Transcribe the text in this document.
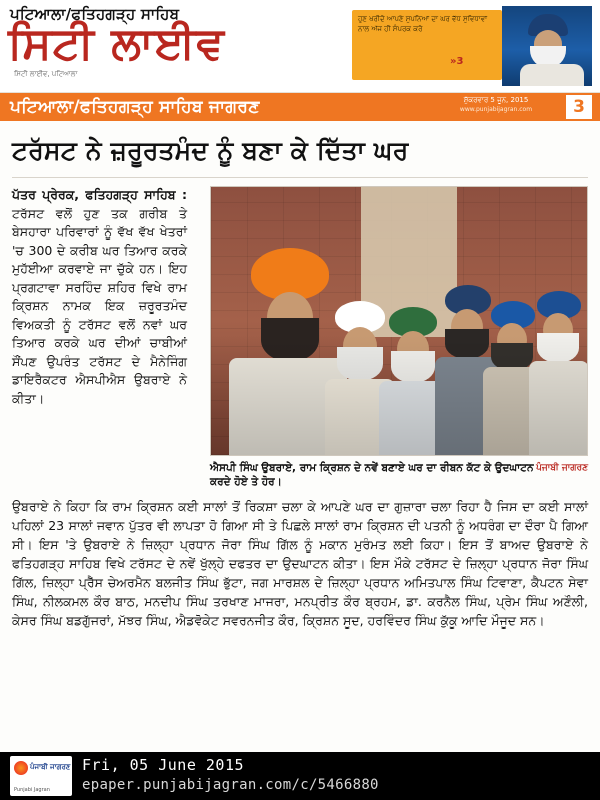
ਪਟਿਆਲਾ/ਫਤਿਹਗੜ੍ਹ ਸਾਹਿਬ
ਸਿਟੀ ਲਾਈਵ
ਸਿਟੀ ਲਾਈਵ, ਪਟਿਆਲਾ
ਹੁਣ ਖਰੀਦੋ ਆਪਣੇ ਸੁਪਨਿਆਂ ਦਾ ਘਰ ਵੱਧ ਸੁਵਿਧਾਵਾਂ ਨਾਲ ਅੱਜ ਹੀ ਸੰਪਰਕ ਕਰੋ
»3
ਪਟਿਆਲਾ/ਫਤਿਹਗੜ੍ਹ ਸਾਹਿਬ ਜਾਗਰਣ	ਸ਼ੁੱਕਰਵਾਰ 5 ਜੂਨ, 2015
www.punjabijagran.com	3
ਟਰੱਸਟ ਨੇ ਜ਼ਰੂਰਤਮੰਦ ਨੂੰ ਬਣਾ ਕੇ ਦਿੱਤਾ ਘਰ
ਪੰਜਾਬੀ ਜਾਗਰਣ
ਐਸਪੀ ਸਿੰਘ ਉਬਰਾਏ, ਰਾਮ ਕ੍ਰਿਸ਼ਨ ਦੇ ਨਵੇਂ ਬਣਾਏ ਘਰ ਦਾ ਰੀਬਨ ਕੱਟ ਕੇ ਉਦਘਾਟਨ ਕਰਦੇ ਹੋਏ ਤੇ ਹੋਰ।
ਪੱਤਰ ਪ੍ਰੇਰਕ, ਫਤਿਹਗੜ੍ਹ ਸਾਹਿਬ : ਟਰੱਸਟ ਵਲੋਂ ਹੁਣ ਤਕ ਗਰੀਬ ਤੇ ਬੇਸਹਾਰਾ ਪਰਿਵਾਰਾਂ ਨੂੰ ਵੱਖ ਵੱਖ ਖੇਤਰਾਂ 'ਚ 300 ਦੇ ਕਰੀਬ ਘਰ ਤਿਆਰ ਕਰਕੇ ਮੁਹੱਈਆ ਕਰਵਾਏ ਜਾ ਚੁੱਕੇ ਹਨ। ਇਹ ਪ੍ਰਗਟਾਵਾ ਸਰਹਿੰਦ ਸ਼ਹਿਰ ਵਿਖੇ ਰਾਮ ਕ੍ਰਿਸ਼ਨ ਨਾਮਕ ਇਕ ਜ਼ਰੂਰਤਮੰਦ ਵਿਅਕਤੀ ਨੂੰ ਟਰੱਸਟ ਵਲੋਂ ਨਵਾਂ ਘਰ ਤਿਆਰ ਕਰਕੇ ਘਰ ਦੀਆਂ ਚਾਬੀਆਂ ਸੌਂਪਣ ਉਪਰੰਤ ਟਰੱਸਟ ਦੇ ਮੈਨੇਜਿੰਗ ਡਾਇਰੈਕਟਰ ਐਸਪੀਐਸ ਉਬਰਾਏ ਨੇ ਕੀਤਾ।
ਉਬਰਾਏ ਨੇ ਕਿਹਾ ਕਿ ਰਾਮ ਕ੍ਰਿਸ਼ਨ ਕਈ ਸਾਲਾਂ ਤੋਂ ਰਿਕਸ਼ਾ ਚਲਾ ਕੇ ਆਪਣੇ ਘਰ ਦਾ ਗੁਜ਼ਾਰਾ ਚਲਾ ਰਿਹਾ ਹੈ ਜਿਸ ਦਾ ਕਈ ਸਾਲਾਂ ਪਹਿਲਾਂ 23 ਸਾਲਾਂ ਜਵਾਨ ਪੁੱਤਰ ਵੀ ਲਾਪਤਾ ਹੋ ਗਿਆ ਸੀ ਤੇ ਪਿਛਲੇ ਸਾਲਾਂ ਰਾਮ ਕ੍ਰਿਸ਼ਨ ਦੀ ਪਤਨੀ ਨੂੰ ਅਧਰੰਗ ਦਾ ਦੌਰਾ ਪੈ ਗਿਆ ਸੀ। ਇਸ 'ਤੇ ਉਬਰਾਏ ਨੇ ਜ਼ਿਲ੍ਹਾ ਪ੍ਰਧਾਨ ਜੋਰਾ ਸਿੰਘ ਗਿੱਲ ਨੂੰ ਮਕਾਨ ਮੁਰੰਮਤ ਲਈ ਕਿਹਾ। ਇਸ ਤੋਂ ਬਾਅਦ ਉਬਰਾਏ ਨੇ ਫਤਿਹਗੜ੍ਹ ਸਾਹਿਬ ਵਿਖੇ ਟਰੱਸਟ ਦੇ ਨਵੇਂ ਖੁੱਲ੍ਹੇ ਦਫਤਰ ਦਾ ਉਦਘਾਟਨ ਕੀਤਾ। ਇਸ ਮੌਕੇ ਟਰੱਸਟ ਦੇ ਜ਼ਿਲ੍ਹਾ ਪ੍ਰਧਾਨ ਜੋਰਾ ਸਿੰਘ ਗਿੱਲ, ਜ਼ਿਲ੍ਹਾ ਪ੍ਰੈੱਸ ਚੇਅਰਮੈਨ ਬਲਜੀਤ ਸਿੰਘ ਭੁੱਟਾ, ਜਗ ਮਾਰਸ਼ਲ ਦੇ ਜ਼ਿਲ੍ਹਾ ਪ੍ਰਧਾਨ ਅਮਿਤਪਾਲ ਸਿੰਘ ਟਿਵਾਣਾ, ਕੈਪਟਨ ਸੇਵਾ ਸਿੰਘ, ਨੀਲਕਮਲ ਕੌਰ ਬਾਠ, ਮਨਦੀਪ ਸਿੰਘ ਤਰਖਾਣ ਮਾਜਰਾ, ਮਨਪ੍ਰੀਤ ਕੌਰ ਬ੍ਰਹਮ, ਡਾ. ਕਰਨੈਲ ਸਿੰਘ, ਪ੍ਰੇਮ ਸਿੰਘ ਅਣੌਲੀ, ਕੇਸਰ ਸਿੰਘ ਬਡਗੁੱਜਰਾਂ, ਮੱਝਰ ਸਿੰਘ, ਐਡਵੋਕੇਟ ਸਵਰਨਜੀਤ ਕੌਰ, ਕ੍ਰਿਸ਼ਨ ਸੂਦ, ਹਰਵਿੰਦਰ ਸਿੰਘ ਕੁੱਕੂ ਆਦਿ ਮੌਜੂਦ ਸਨ।
ਪੰਜਾਬੀ ਜਾਗਰਣ
Punjabi Jagran
Fri, 05 June 2015
epaper.punjabijagran.com/c/5466880
